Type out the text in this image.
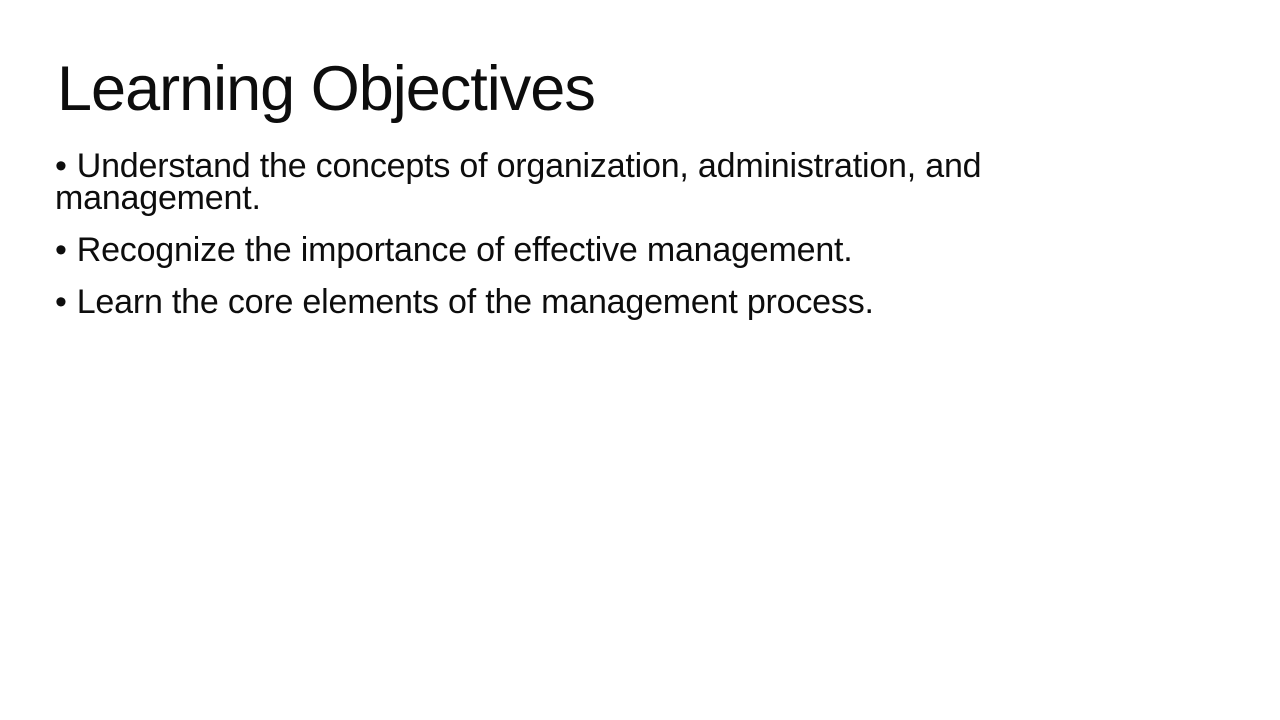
Learning Objectives
• Understand the concepts of organization, administration, and management.
• Recognize the importance of effective management.
• Learn the core elements of the management process.
